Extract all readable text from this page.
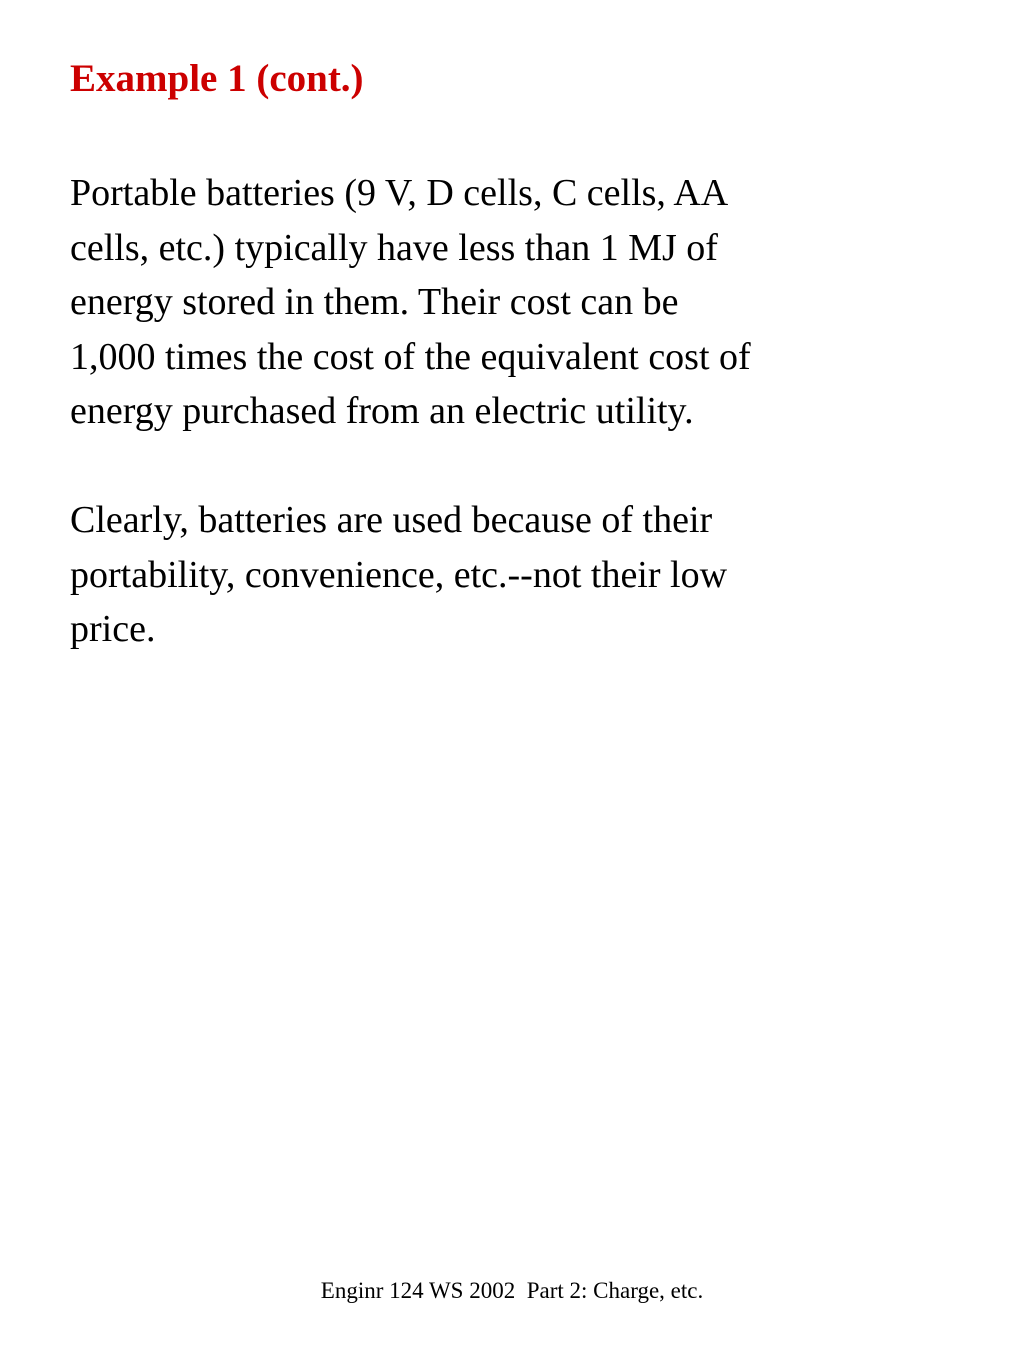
Example 1 (cont.)

Portable batteries (9 V, D cells, C cells, AA
cells, etc.) typically have less than 1 MJ of
energy stored in them. Their cost can be
1,000 times the cost of the equivalent cost of
energy purchased from an electric utility.

Clearly, batteries are used because of their
portability, convenience, etc.--not their low
price.

Enginr 124 WS 2002  Part 2: Charge, etc.
